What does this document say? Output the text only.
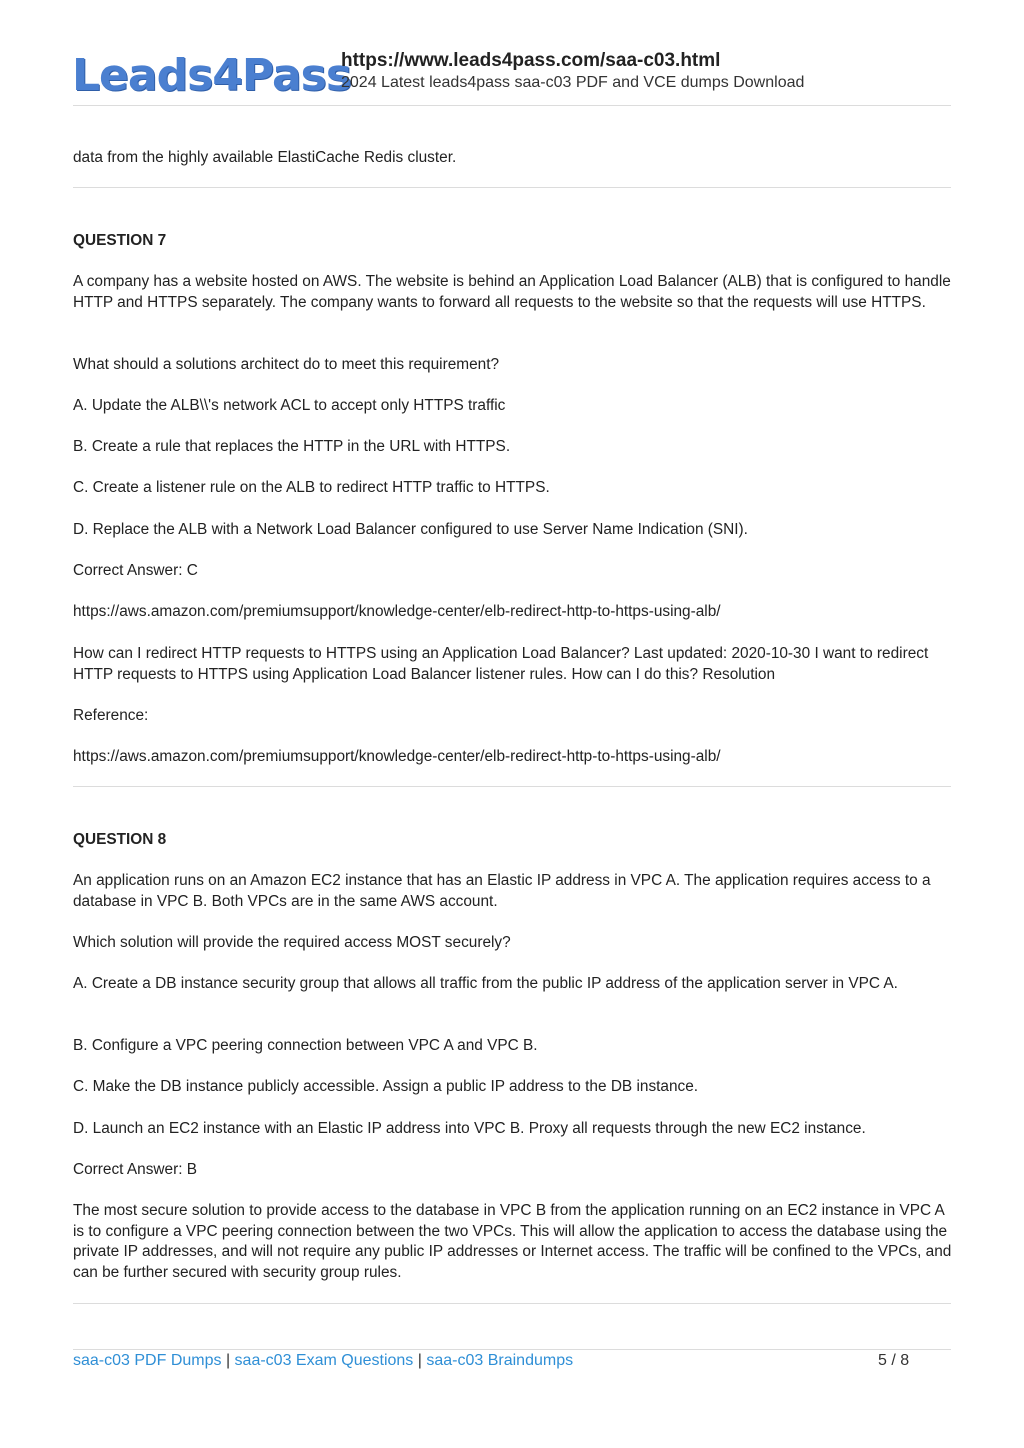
Leads4Pass
https://www.leads4pass.com/saa-c03.html
2024 Latest leads4pass saa-c03 PDF and VCE dumps Download
data from the highly available ElastiCache Redis cluster.
QUESTION 7
A company has a website hosted on AWS. The website is behind an Application Load Balancer (ALB) that is configured to handle HTTP and HTTPS separately. The company wants to forward all requests to the website so that the requests will use HTTPS.
What should a solutions architect do to meet this requirement?
A. Update the ALB\\'s network ACL to accept only HTTPS traffic
B. Create a rule that replaces the HTTP in the URL with HTTPS.
C. Create a listener rule on the ALB to redirect HTTP traffic to HTTPS.
D. Replace the ALB with a Network Load Balancer configured to use Server Name Indication (SNI).
Correct Answer: C
https://aws.amazon.com/premiumsupport/knowledge-center/elb-redirect-http-to-https-using-alb/
How can I redirect HTTP requests to HTTPS using an Application Load Balancer? Last updated: 2020-10-30 I want to redirect HTTP requests to HTTPS using Application Load Balancer listener rules. How can I do this? Resolution
Reference:
https://aws.amazon.com/premiumsupport/knowledge-center/elb-redirect-http-to-https-using-alb/
QUESTION 8
An application runs on an Amazon EC2 instance that has an Elastic IP address in VPC A. The application requires access to a database in VPC B. Both VPCs are in the same AWS account.
Which solution will provide the required access MOST securely?
A. Create a DB instance security group that allows all traffic from the public IP address of the application server in VPC A.
B. Configure a VPC peering connection between VPC A and VPC B.
C. Make the DB instance publicly accessible. Assign a public IP address to the DB instance.
D. Launch an EC2 instance with an Elastic IP address into VPC B. Proxy all requests through the new EC2 instance.
Correct Answer: B
The most secure solution to provide access to the database in VPC B from the application running on an EC2 instance in VPC A is to configure a VPC peering connection between the two VPCs. This will allow the application to access the database using the private IP addresses, and will not require any public IP addresses or Internet access. The traffic will be confined to the VPCs, and can be further secured with security group rules.
saa-c03 PDF Dumps | saa-c03 Exam Questions | saa-c03 Braindumps	5 / 8
